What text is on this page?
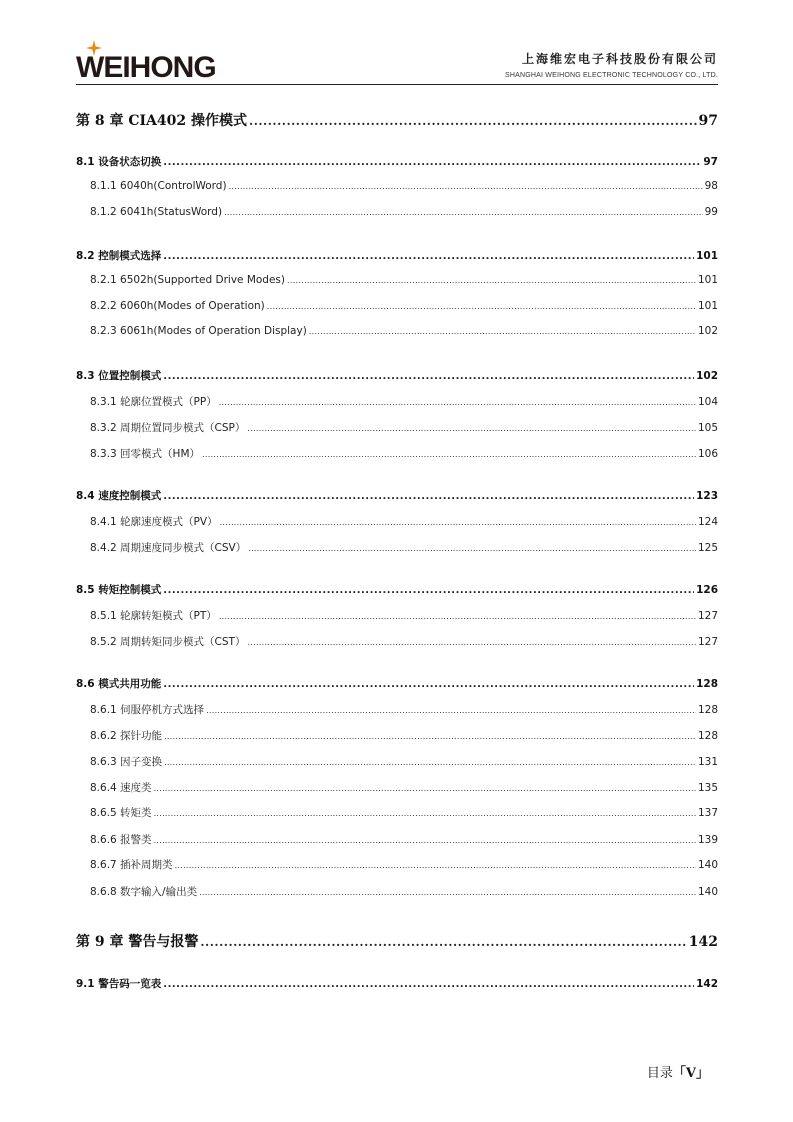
WEIHONG	上海维宏电子科技股份有限公司
SHANGHAI WEIHONG ELECTRONIC TECHNOLOGY CO., LTD.
第 8 章 CIA402 操作模式 .....	97
8.1 设备状态切换 .....	97
8.1.1 6040h(ControlWord) .....	98
8.1.2 6041h(StatusWord) .....	99
8.2 控制模式选择 .....	101
8.2.1 6502h(Supported Drive Modes) .....	101
8.2.2 6060h(Modes of Operation) .....	101
8.2.3 6061h(Modes of Operation Display) .....	102
8.3 位置控制模式 .....	102
8.3.1 轮廓位置模式（PP） .....	104
8.3.2 周期位置同步模式（CSP） .....	105
8.3.3 回零模式（HM） .....	106
8.4 速度控制模式 .....	123
8.4.1 轮廓速度模式（PV） .....	124
8.4.2 周期速度同步模式（CSV） .....	125
8.5 转矩控制模式 .....	126
8.5.1 轮廓转矩模式（PT） .....	127
8.5.2 周期转矩同步模式（CST） .....	127
8.6 模式共用功能 .....	128
8.6.1 伺服停机方式选择 .....	128
8.6.2 探针功能 .....	128
8.6.3 因子变换 .....	131
8.6.4 速度类 .....	135
8.6.5 转矩类 .....	137
8.6.6 报警类 .....	139
8.6.7 插补周期类 .....	140
8.6.8 数字输入/输出类 .....	140
第 9 章 警告与报警 .....	142
9.1 警告码一览表 .....	142
目录「V」
